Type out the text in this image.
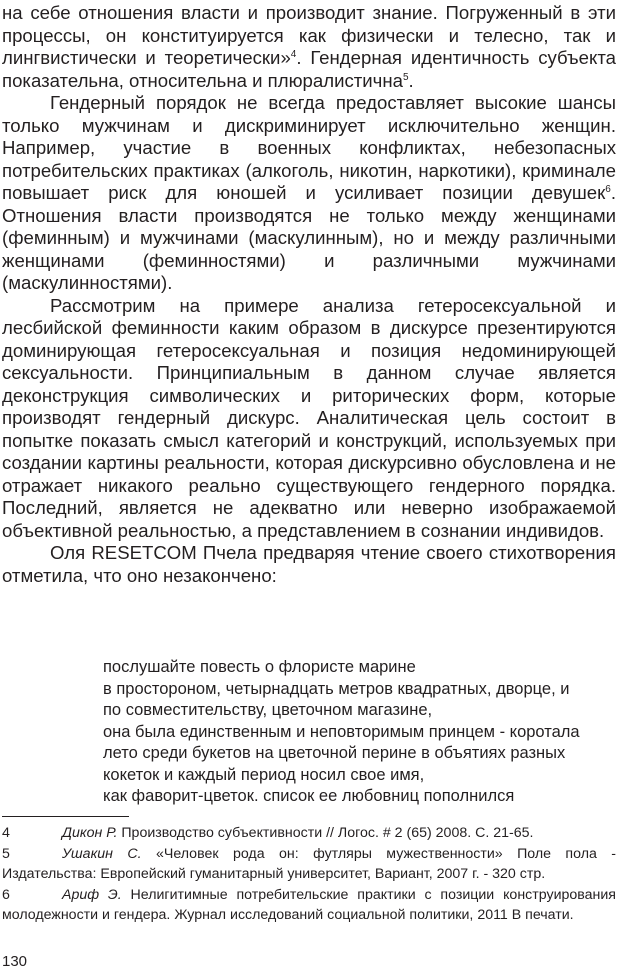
на себе отношения власти и производит знание. Погруженный в эти процессы, он конституируется как физически и телесно, так и лингвистически и теоретически»$^4$. Гендерная идентичность субъекта показательна, относительна и плюралистична$^5$.

Гендерный порядок не всегда предоставляет высокие шансы только мужчинам и дискриминирует исключительно женщин. Например, участие в военных конфликтах, небезопасных потребительских практиках (алкоголь, никотин, наркотики), криминале повышает риск для юношей и усиливает позиции девушек$^6$. Отношения власти производятся не только между женщинами (феминным) и мужчинами (маскулинным), но и между различными женщинами (феминностями) и различными мужчинами (маскулинностями).

Рассмотрим на примере анализа гетеросексуальной и лесбийской феминности каким образом в дискурсе презентируются доминирующая гетеросексуальная и позиция недоминирующей сексуальности. Принципиальным в данном случае является деконструкция символических и риторических форм, которые производят гендерный дискурс. Аналитическая цель состоит в попытке показать смысл категорий и конструкций, используемых при создании картины реальности, которая дискурсивно обусловлена и не отражает никакого реально существующего гендерного порядка. Последний, является не адекватно или неверно изображаемой объективной реальностью, а представлением в сознании индивидов.

Оля RESETCOM Пчела предваряя чтение своего стихотворения отметила, что оно незакончено:

послушайте повесть о флористе марине
в простороном, четырнадцать метров квадратных, дворце, и
по совместительству, цветочном магазине,
она была единственным и неповторимым принцем - коротала
лето среди букетов на цветочной перине в объятиях разных
кокеток и каждый период носил свое имя,
как фаворит-цветок. список ее любовниц пополнился

4	Дикон Р. Производство субъективности // Логос. # 2 (65) 2008. С. 21-65.

5	Ушакин С. «Человек рода он: футляры мужественности» Поле пола - Издательства: Европейский гуманитарный университет, Вариант, 2007 г. - 320 стр.

6	Ариф Э. Нелигитимные потребительские практики с позиции конструирования молодежности и гендера. Журнал исследований социальной политики, 2011 В печати.

130
